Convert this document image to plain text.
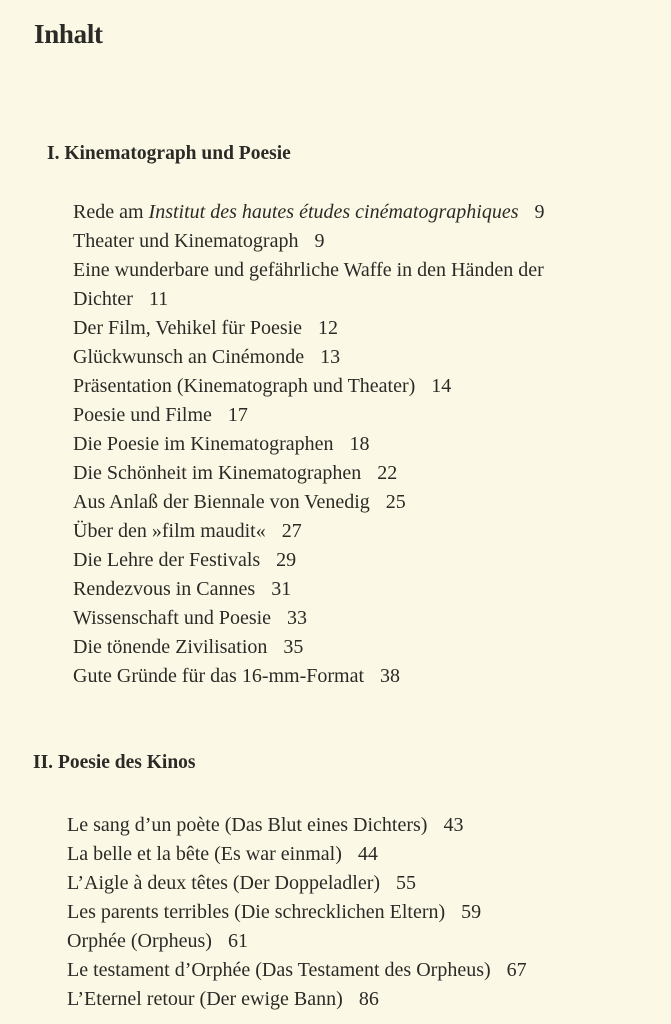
Inhalt
I. Kinematograph und Poesie
Rede am Institut des hautes études cinématographiques 9
Theater und Kinematograph 9
Eine wunderbare und gefährliche Waffe in den Händen der
Dichter 11
Der Film, Vehikel für Poesie 12
Glückwunsch an Cinémonde 13
Präsentation (Kinematograph und Theater) 14
Poesie und Filme 17
Die Poesie im Kinematographen 18
Die Schönheit im Kinematographen 22
Aus Anlaß der Biennale von Venedig 25
Über den »film maudit« 27
Die Lehre der Festivals 29
Rendezvous in Cannes 31
Wissenschaft und Poesie 33
Die tönende Zivilisation 35
Gute Gründe für das 16-mm-Format 38
II. Poesie des Kinos
Le sang d’un poète (Das Blut eines Dichters) 43
La belle et la bête (Es war einmal) 44
L’Aigle à deux têtes (Der Doppeladler) 55
Les parents terribles (Die schrecklichen Eltern) 59
Orphée (Orpheus) 61
Le testament d’Orphée (Das Testament des Orpheus) 67
L’Eternel retour (Der ewige Bann) 86
